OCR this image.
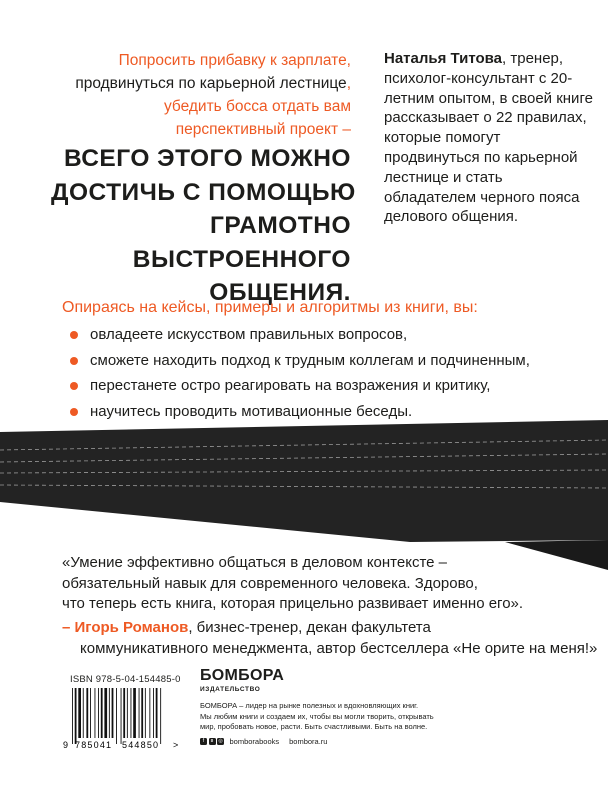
Попросить прибавку к зарплате,
продвинуться по карьерной лестнице,
убедить босса отдать вам
перспективный проект –
ВСЕГО ЭТОГО МОЖНО
ДОСТИЧЬ С ПОМОЩЬЮ
ГРАМОТНО
ВЫСТРОЕННОГО
ОБЩЕНИЯ.
Наталья Титова, тренер, психолог-консультант с 20-летним опытом, в своей книге рассказывает о 22 правилах, которые помогут продвинуться по карьерной лестнице и стать обладателем черного пояса делового общения.
Опираясь на кейсы, примеры и алгоритмы из книги, вы:
овладеете искусством правильных вопросов,
сможете находить подход к трудным коллегам и подчиненным,
перестанете остро реагировать на возражения и критику,
научитесь проводить мотивационные беседы.
«Умение эффективно общаться в деловом контексте –
обязательный навык для современного человека. Здорово,
что теперь есть книга, которая прицельно развивает именно его».
– Игорь Романов, бизнес-тренер, декан факультета
коммуникативного менеджмента, автор бестселлера «Не орите на меня!»
ISBN 978-5-04-154485-0
9 785041 544850 >
БОМБОРА
ИЗДАТЕЛЬСТВО
БОМБОРА – лидер на рынке полезных и вдохновляющих книг.
Мы любим книги и создаем их, чтобы вы могли творить, открывать
мир, пробовать новое, расти. Быть счастливыми. Быть на волне.
f	в ◎ bomborabooks bombora.ru
